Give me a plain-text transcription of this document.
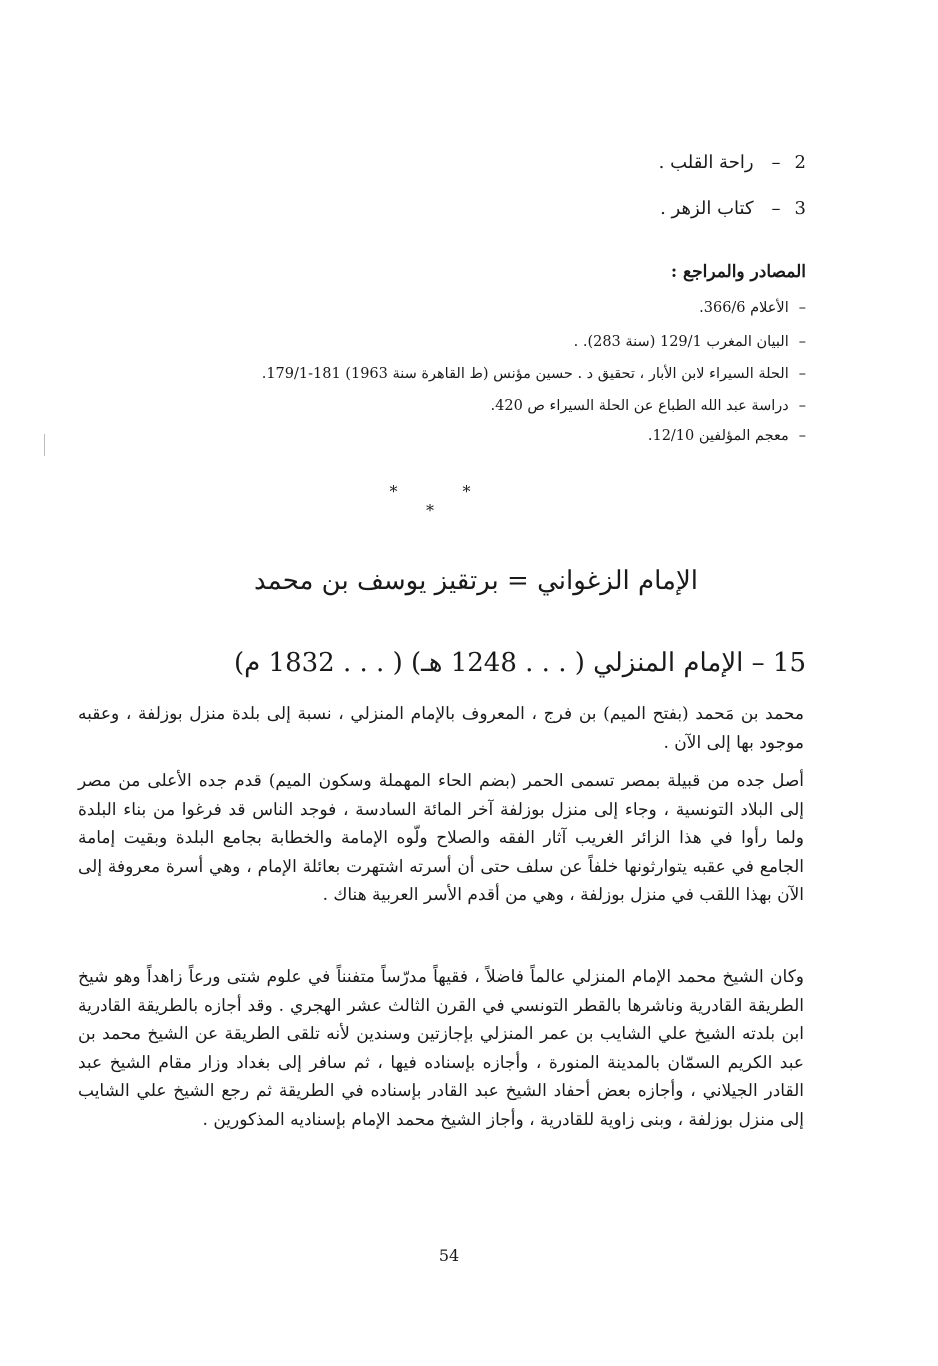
2–راحة القلب .
3–كتاب الزهر .
المصادر والمراجع :
–الأعلام 366/6.
–البيان المغرب 129/1 (سنة 283). .
–الحلة السيراء لابن الأبار ، تحقيق د . حسين مؤنس (ط القاهرة سنة 1963) 181-179/1.
–دراسة عبد الله الطباع عن الحلة السيراء ص 420.
–معجم المؤلفين 12/10.
* * *
الإمام الزغواني = برتقيز يوسف بن محمد
15 – الإمام المنزلي ( . . . 1248 هـ) ( . . . 1832 م)

محمد بن مَحمد (بفتح الميم) بن فرج ، المعروف بالإمام المنزلي ، نسبة إلى بلدة منزل بوزلفة ، وعقبه موجود بها إلى الآن .

أصل جده من قبيلة بمصر تسمى الحمر (بضم الحاء المهملة وسكون الميم) قدم جده الأعلى من مصر إلى البلاد التونسية ، وجاء إلى منزل بوزلفة آخر المائة السادسة ، فوجد الناس قد فرغوا من بناء البلدة ولما رأوا في هذا الزائر الغريب آثار الفقه والصلاح ولّوه الإمامة والخطابة بجامع البلدة وبقيت إمامة الجامع في عقبه يتوارثونها خلفاً عن سلف حتى أن أسرته اشتهرت بعائلة الإمام ، وهي أسرة معروفة إلى الآن بهذا اللقب في منزل بوزلفة ، وهي من أقدم الأسر العربية هناك .

وكان الشيخ محمد الإمام المنزلي عالماً فاضلاً ، فقيهاً مدرّساً متفنناً في علوم شتى ورعاً زاهداً وهو شيخ الطريقة القادرية وناشرها بالقطر التونسي في القرن الثالث عشر الهجري . وقد أجازه بالطريقة القادرية ابن بلدته الشيخ علي الشايب بن عمر المنزلي بإجازتين وسندين لأنه تلقى الطريقة عن الشيخ محمد بن عبد الكريم السمّان بالمدينة المنورة ، وأجازه بإسناده فيها ، ثم سافر إلى بغداد وزار مقام الشيخ عبد القادر الجيلاني ، وأجازه بعض أحفاد الشيخ عبد القادر بإسناده في الطريقة ثم رجع الشيخ علي الشايب إلى منزل بوزلفة ، وبنى زاوية للقادرية ، وأجاز الشيخ محمد الإمام بإسناديه المذكورين .

54
